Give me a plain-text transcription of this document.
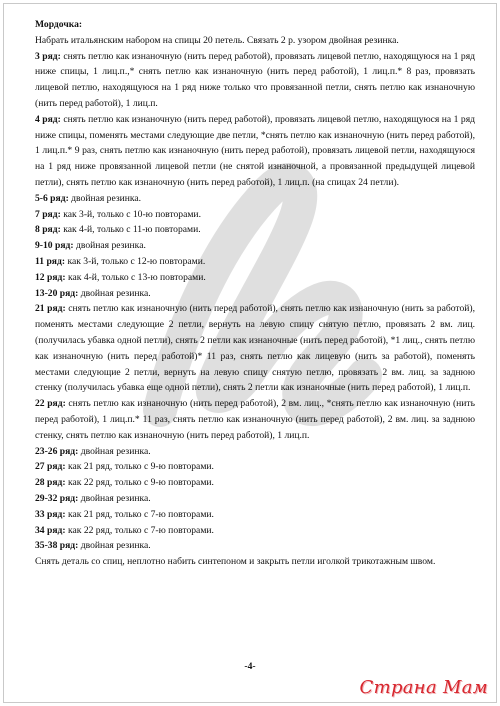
Мордочка:

Набрать итальянским набором на спицы 20 петель. Связать 2 р. узором двойная резинка.

3 ряд: снять петлю как изнаночную (нить перед работой), провязать лицевой петлю, находящуюся на 1 ряд ниже спицы, 1 лиц.п.,* снять петлю как изнаночную (нить перед работой), 1 лиц.п.* 8 раз, провязать лицевой петлю, находящуюся на 1 ряд ниже только что провязанной петли, снять петлю как изнаночную (нить перед работой), 1 лиц.п.

4 ряд: снять петлю как изнаночную (нить перед работой), провязать лицевой петлю, находящуюся на 1 ряд ниже спицы, поменять местами следующие две петли, *снять петлю как изнаночную (нить перед работой), 1 лиц.п.* 9 раз, снять петлю как изнаночную (нить перед работой), провязать лицевой петли, находящуюся на 1 ряд ниже провязанной лицевой петли (не снятой изнаночной, а провязанной предыдущей лицевой петли), снять петлю как изнаночную (нить перед работой), 1 лиц.п. (на спицах 24 петли).

5-6 ряд: двойная резинка.

7 ряд: как 3-й, только с 10-ю повторами.

8 ряд: как 4-й, только с 11-ю повторами.

9-10 ряд: двойная резинка.

11 ряд: как 3-й, только с 12-ю повторами.

12 ряд: как 4-й, только с 13-ю повторами.

13-20 ряд: двойная резинка.

21 ряд: снять петлю как изнаночную (нить перед работой), снять петлю как изнаночную (нить за работой), поменять местами следующие 2 петли, вернуть на левую спицу снятую петлю, провязать 2 вм. лиц. (получилась убавка одной петли), снять 2 петли как изнаночные (нить перед работой), *1 лиц., снять петлю как изнаночную (нить перед работой)* 11 раз, снять петлю как лицевую (нить за работой), поменять местами следующие 2 петли, вернуть на левую спицу снятую петлю, провязать 2 вм. лиц. за заднюю стенку (получилась убавка еще одной петли), снять 2 петли как изнаночные (нить перед работой), 1 лиц.п.

22 ряд: снять петлю как изнаночную (нить перед работой), 2 вм. лиц., *снять петлю как изнаночную (нить перед работой), 1 лиц.п.* 11 раз, снять петлю как изнаночную (нить перед работой), 2 вм. лиц. за заднюю стенку, снять петлю как изнаночную (нить перед работой), 1 лиц.п.

23-26 ряд: двойная резинка.

27 ряд: как 21 ряд, только с 9-ю повторами.

28 ряд: как 22 ряд, только с 9-ю повторами.

29-32 ряд: двойная резинка.

33 ряд: как 21 ряд, только с 7-ю повторами.

34 ряд: как 22 ряд, только с 7-ю повторами.

35-38 ряд: двойная резинка.

Снять деталь со спиц, неплотно набить синтепоном и закрыть петли иголкой трикотажным швом.

-4-
Страна Мам
